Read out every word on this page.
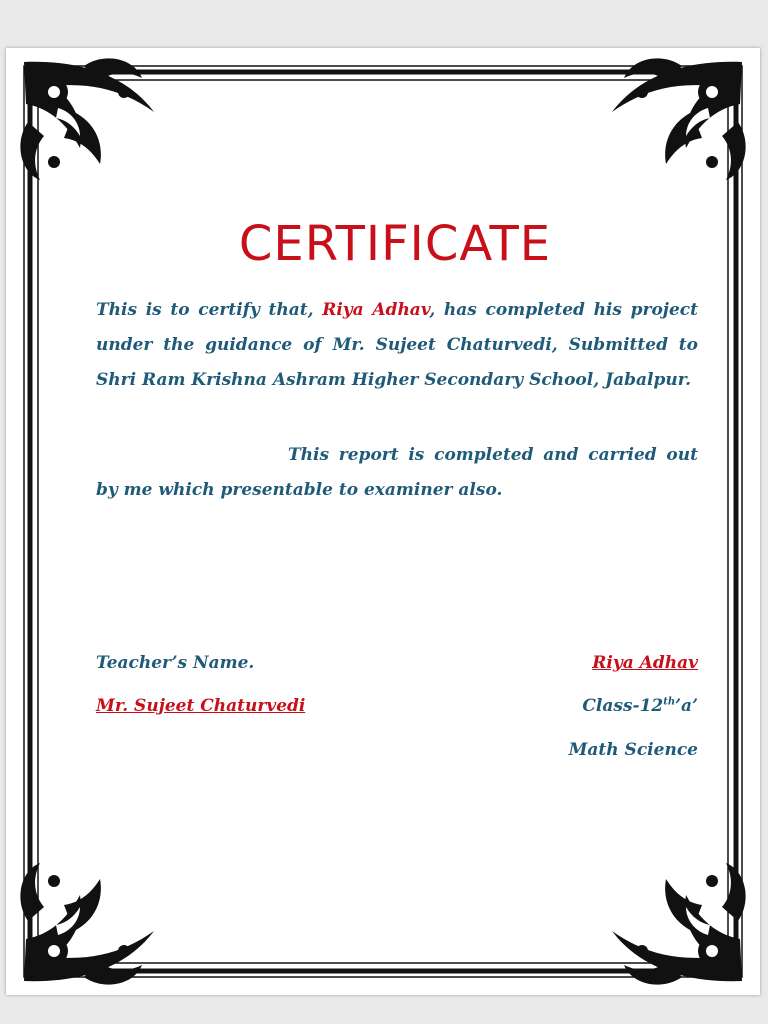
CERTIFICATE
This is to certify that, Riya Adhav, has completed his project under the guidance of Mr. Sujeet Chaturvedi, Submitted to Shri Ram Krishna Ashram Higher Secondary School, Jabalpur.
This report is completed and carried out by me which presentable to examiner also.
Teacher’s Name.
Mr. Sujeet Chaturvedi
Riya Adhav
Class-12th’a’
Math Science
